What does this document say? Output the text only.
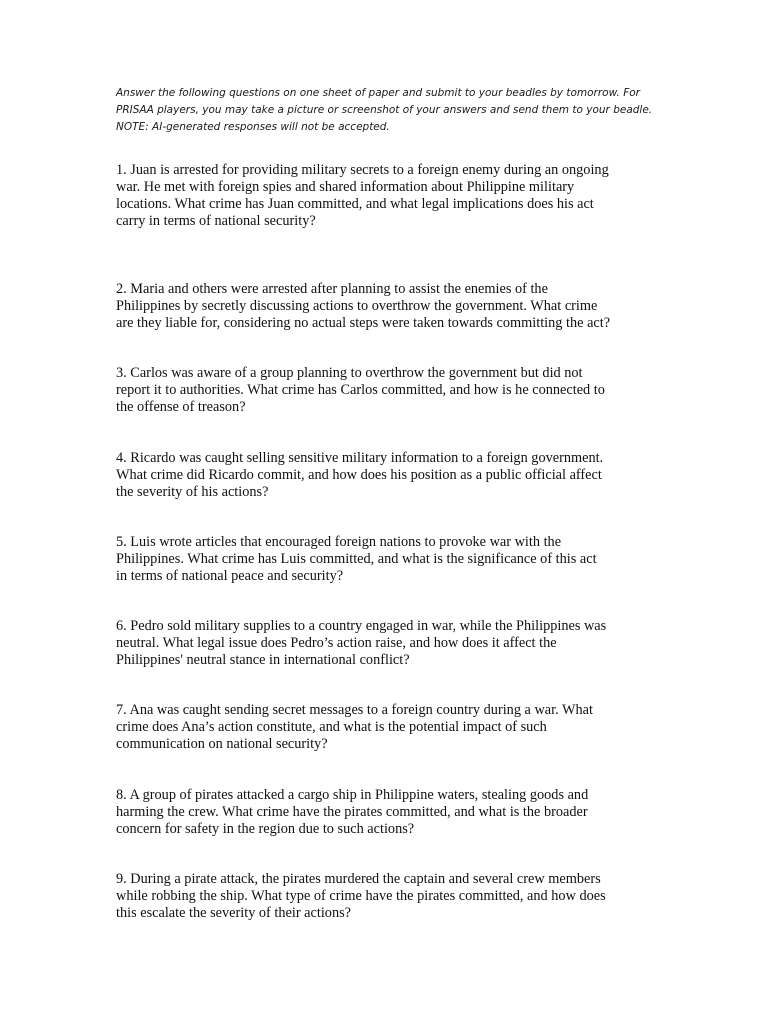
Answer the following questions on one sheet of paper and submit to your beadles by tomorrow. For
PRISAA players, you may take a picture or screenshot of your answers and send them to your beadle.
NOTE: AI-generated responses will not be accepted.
1. Juan is arrested for providing military secrets to a foreign enemy during an ongoing
war. He met with foreign spies and shared information about Philippine military
locations. What crime has Juan committed, and what legal implications does his act
carry in terms of national security?
2. Maria and others were arrested after planning to assist the enemies of the
Philippines by secretly discussing actions to overthrow the government. What crime
are they liable for, considering no actual steps were taken towards committing the act?
3. Carlos was aware of a group planning to overthrow the government but did not
report it to authorities. What crime has Carlos committed, and how is he connected to
the offense of treason?
4. Ricardo was caught selling sensitive military information to a foreign government.
What crime did Ricardo commit, and how does his position as a public official affect
the severity of his actions?
5. Luis wrote articles that encouraged foreign nations to provoke war with the
Philippines. What crime has Luis committed, and what is the significance of this act
in terms of national peace and security?
6. Pedro sold military supplies to a country engaged in war, while the Philippines was
neutral. What legal issue does Pedro’s action raise, and how does it affect the
Philippines' neutral stance in international conflict?
7. Ana was caught sending secret messages to a foreign country during a war. What
crime does Ana’s action constitute, and what is the potential impact of such
communication on national security?
8. A group of pirates attacked a cargo ship in Philippine waters, stealing goods and
harming the crew. What crime have the pirates committed, and what is the broader
concern for safety in the region due to such actions?
9. During a pirate attack, the pirates murdered the captain and several crew members
while robbing the ship. What type of crime have the pirates committed, and how does
this escalate the severity of their actions?
